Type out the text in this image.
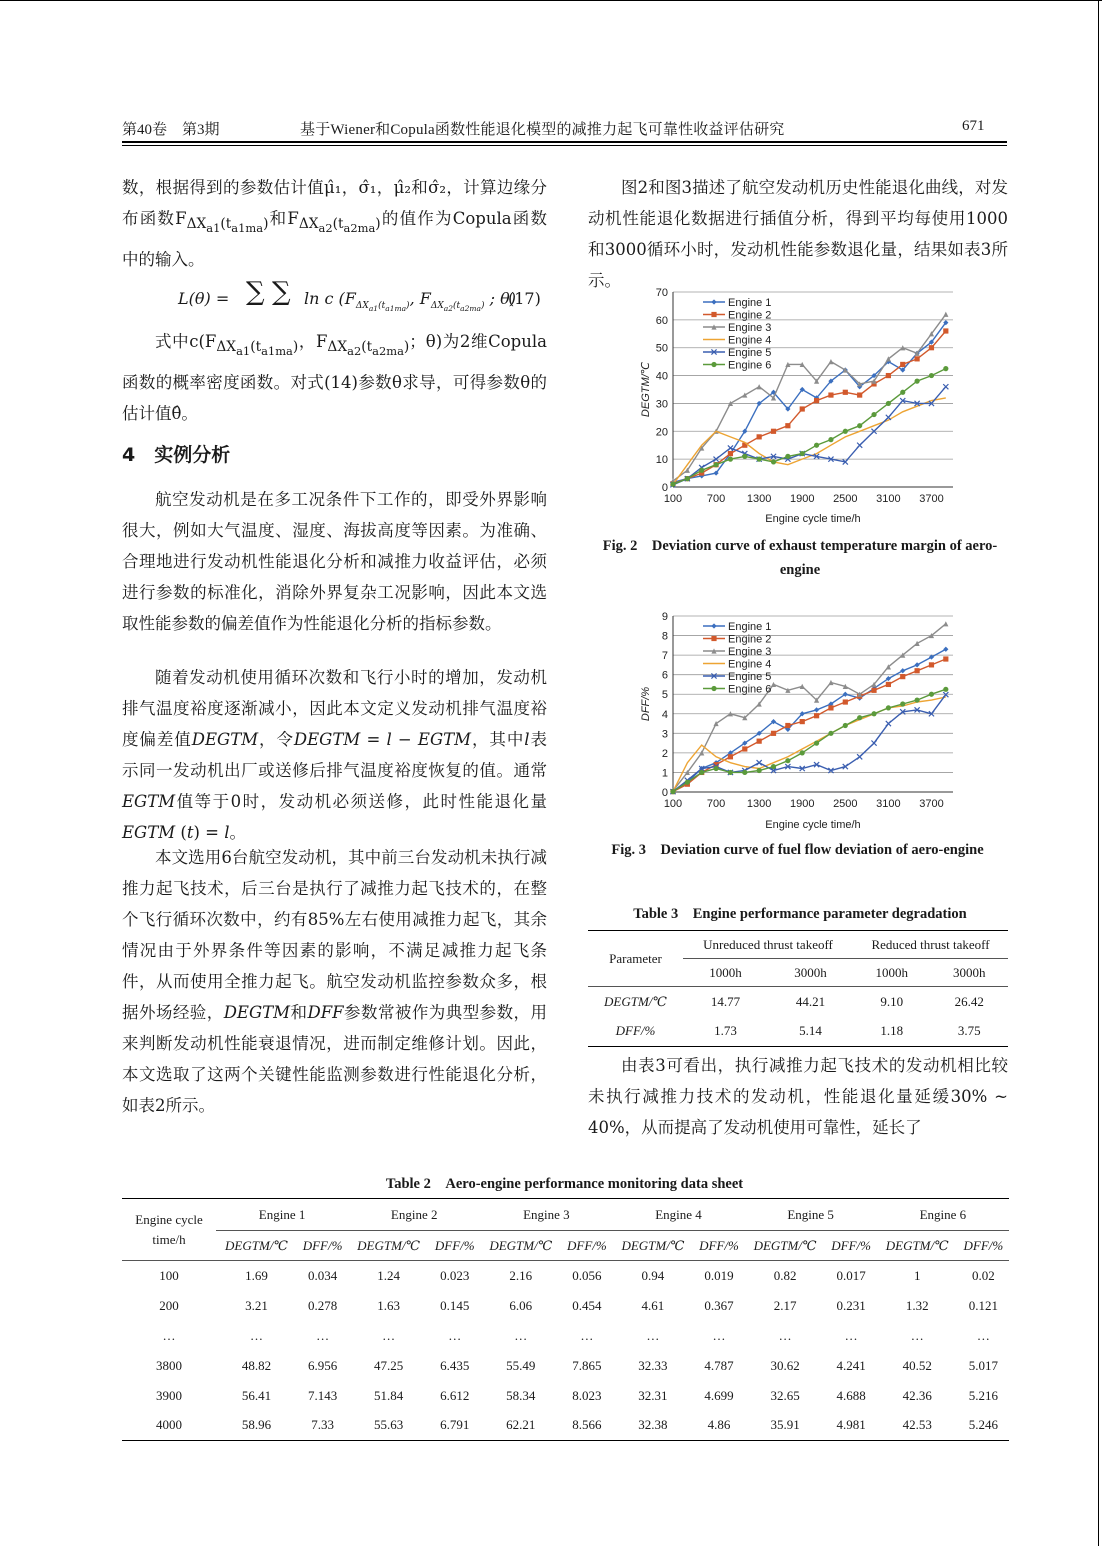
第40卷　第3期	基于Wiener和Copula函数性能退化模型的减推力起飞可靠性收益评估研究	671

数，根据得到的参数估计值μ̂₁，σ̂₁，μ̂₂和σ̂₂，计算边缘分布函数$F_{\Delta X_{a1}(t_{a1ma})}$和$F_{\Delta X_{a2}(t_{a2ma})}$的值作为Copula函数中的输入。

L(θ) = ∑ ∑ ln c ($F_{\Delta X_{a1}(t_{a1ma})}$, $F_{\Delta X_{a2}(t_{a2ma})}$ ; θ)
(17)

式中$c(F_{\Delta X_{a1}(t_{a1ma})}$，$F_{\Delta X_{a2}(t_{a2ma})}$；θ)为2维Copula函数的概率密度函数。对式(14)参数θ求导，可得参数θ的估计值θ̂。

4　实例分析

航空发动机是在多工况条件下工作的，即受外界影响很大，例如大气温度、湿度、海拔高度等因素。为准确、合理地进行发动机性能退化分析和减推力收益评估，必须进行参数的标准化，消除外界复杂工况影响，因此本文选取性能参数的偏差值作为性能退化分析的指标参数。

随着发动机使用循环次数和飞行小时的增加，发动机排气温度裕度逐渐减小，因此本文定义发动机排气温度裕度偏差值DEGTM，令DEGTM = l − EGTM，其中l表示同一发动机出厂或送修后排气温度裕度恢复的值。通常EGTM值等于0时，发动机必须送修，此时性能退化量EGTM (t) = l。

本文选用6台航空发动机，其中前三台发动机未执行减推力起飞技术，后三台是执行了减推力起飞技术的，在整个飞行循环次数中，约有85%左右使用减推力起飞，其余情况由于外界条件等因素的影响，不满足减推力起飞条件，从而使用全推力起飞。航空发动机监控参数众多，根据外场经验，DEGTM和DFF参数常被作为典型参数，用来判断发动机性能衰退情况，进而制定维修计划。因此，本文选取了这两个关键性能监测参数进行性能退化分析，如表2所示。

图2和图3描述了航空发动机历史性能退化曲线，对发动机性能退化数据进行插值分析，得到平均每使用1000和3000循环小时，发动机性能参数退化量，结果如表3所示。

0
10
20
30
40
50
60
70
100 700 1300 1900 2500 3100 3700
Engine cycle time/h
DEGTM/℃
Engine 1
Engine 2
Engine 3
Engine 4
Engine 5
Engine 6
Fig. 2　Deviation curve of exhaust temperature margin of aero-engine
0
1
2
3
4
5
6
7
8
9
100 700 1300 1900 2500 3100 3700
Engine cycle time/h
DFF/%
Engine 1
Engine 2
Engine 3
Engine 4
Engine 5
Engine 6
Fig. 3　Deviation curve of fuel flow deviation of aero-engine
Table 3　Engine performance parameter degradation
Parameter	Unreduced thrust takeoff		Reduced thrust takeoff	
	1000h	3000h	1000h	3000h
DEGTM/℃	14.77	44.21	9.10	26.42
DFF/%	1.73	5.14	1.18	3.75

由表3可看出，执行减推力起飞技术的发动机相比较未执行减推力技术的发动机，性能退化量延缓30% ~ 40%，从而提高了发动机使用可靠性，延长了

Table 2　Aero-engine performance monitoring data sheet
Engine cycle time/h	Engine 1		Engine 2		Engine 3		Engine 4		Engine 5		Engine 6	
	DEGTM/℃	DFF/%	DEGTM/℃	DFF/%	DEGTM/℃	DFF/%	DEGTM/℃	DFF/%	DEGTM/℃	DFF/%	DEGTM/℃	DFF/%
100	1.69	0.034	1.24	0.023	2.16	0.056	0.94	0.019	0.82	0.017	1	0.02
200	3.21	0.278	1.63	0.145	6.06	0.454	4.61	0.367	2.17	0.231	1.32	0.121
…	…	…	…	…	…	…	…	…	…	…	…	…
3800	48.82	6.956	47.25	6.435	55.49	7.865	32.33	4.787	30.62	4.241	40.52	5.017
3900	56.41	7.143	51.84	6.612	58.34	8.023	32.31	4.699	32.65	4.688	42.36	5.216
4000	58.96	7.33	55.63	6.791	62.21	8.566	32.38	4.86	35.91	4.981	42.53	5.246
